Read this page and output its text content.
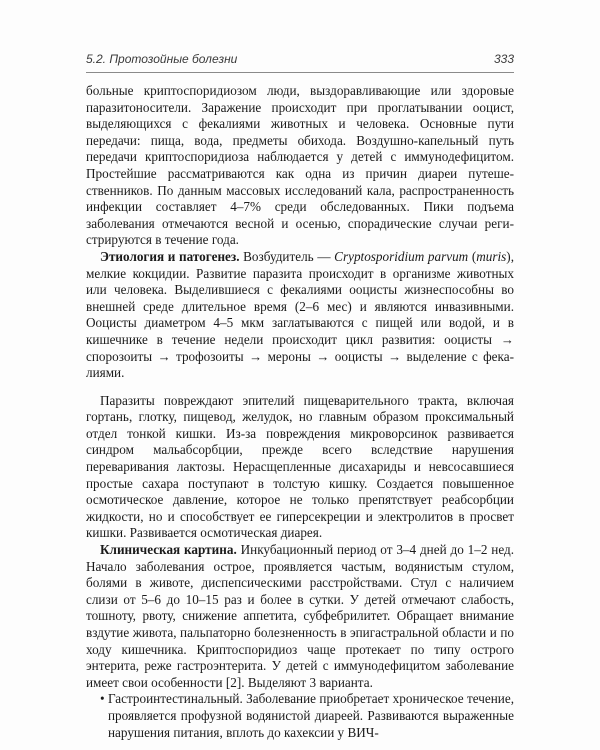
5.2. Протозойные болезни	333

больные криптоспоридиозом люди, выздоравливающие или здоровые паразитоносители. Заражение происходит при проглатывании ооцист, выделяющихся с фекалиями животных и человека. Основные пути передачи: пища, вода, предметы обихода. Воздушно-капельный путь передачи криптоспоридиоза наблюдается у детей с иммунодефицитом. Простейшие рассматриваются как одна из причин диареи путешественников. По данным массовых исследований кала, распространенность инфекции составляет 4–7% среди обследованных. Пики подъема заболевания отмечаются весной и осенью, спорадические случаи регистрируются в течение года.

Этиология и патогенез. Возбудитель — Cryptosporidium parvum (muris), мелкие кокцидии. Развитие паразита происходит в организме животных или человека. Выделившиеся с фекалиями ооцисты жизнеспособны во внешней среде длительное время (2–6 мес) и являются инвазивными. Ооцисты диаметром 4–5 мкм заглатываются с пищей или водой, и в кишечнике в течение недели происходит цикл развития: ооцисты → спорозоиты → трофозоиты → мероны → ооцисты → выделение с фекалиями.

Паразиты повреждают эпителий пищеварительного тракта, включая гортань, глотку, пищевод, желудок, но главным образом проксимальный отдел тонкой кишки. Из-за повреждения микроворсинок развивается синдром мальабсорбции, прежде всего вследствие нарушения переваривания лактозы. Нерасщепленные дисахариды и невсосавшиеся простые сахара поступают в толстую кишку. Создается повышенное осмотическое давление, которое не только препятствует реабсорбции жидкости, но и способствует ее гиперсекреции и электролитов в просвет кишки. Развивается осмотическая диарея.

Клиническая картина. Инкубационный период от 3–4 дней до 1–2 нед. Начало заболевания острое, проявляется частым, водянистым стулом, болями в животе, диспепсическими расстройствами. Стул с наличием слизи от 5–6 до 10–15 раз и более в сутки. У детей отмечают слабость, тошноту, рвоту, снижение аппетита, субфебрилитет. Обращает внимание вздутие живота, пальпаторно болезненность в эпигастральной области и по ходу кишечника. Криптоспоридиоз чаще протекает по типу острого энтерита, реже гастроэнтерита. У детей с иммунодефицитом заболевание имеет свои особенности [2]. Выделяют 3 варианта.

• Гастроинтестинальный. Заболевание приобретает хроническое течение, проявляется профузной водянистой диареей. Развиваются выраженные нарушения питания, вплоть до кахексии у ВИЧ-
